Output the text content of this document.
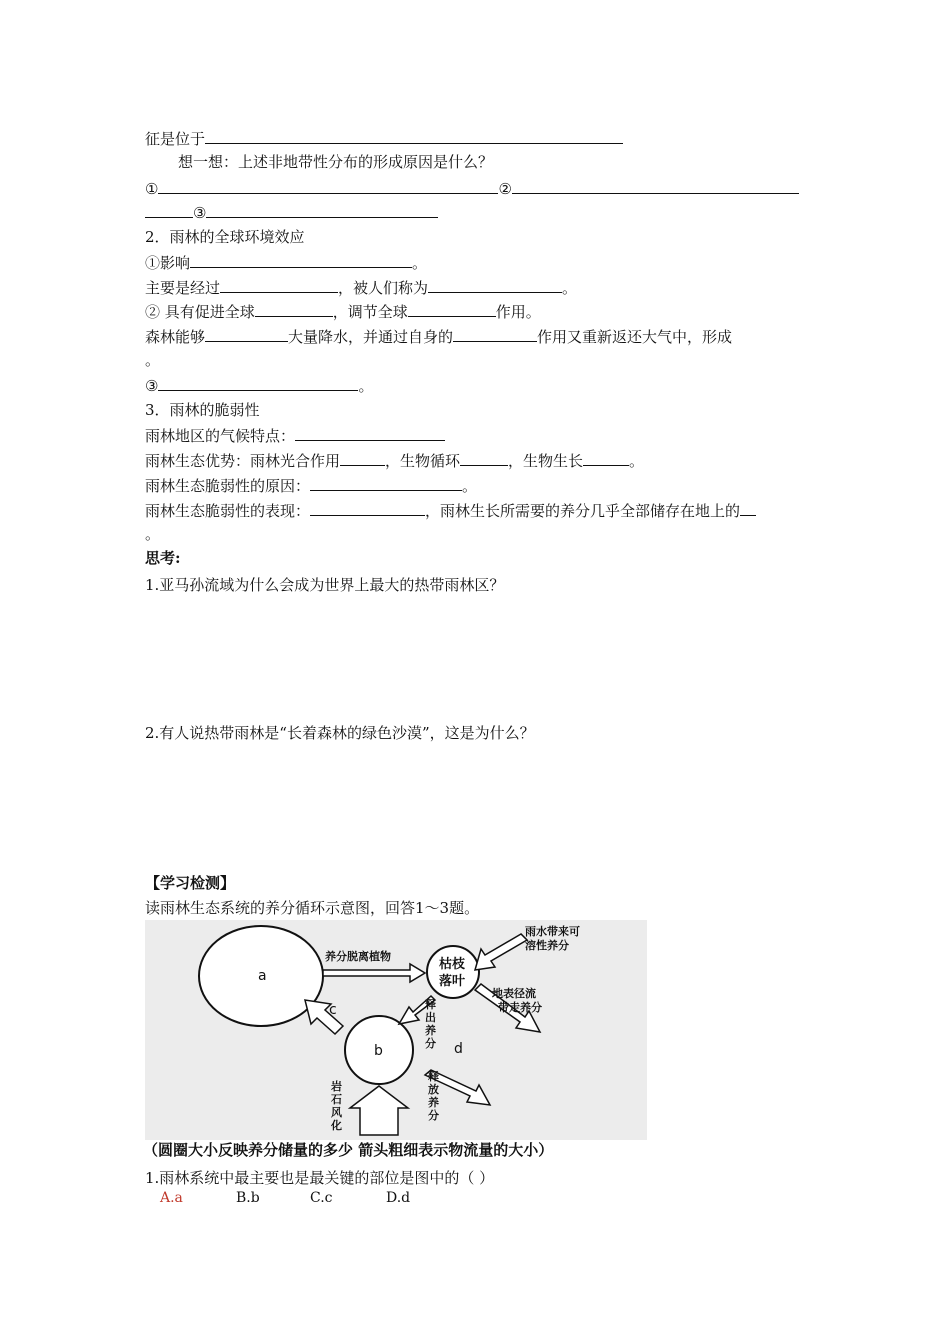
征是位于
想一想：上述非地带性分布的形成原因是什么？
①	②
③
2．雨林的全球环境效应
①影响	。
主要是经过	，被人们称为	。
② 具有促进全球	，调节全球	作用。
森林能够	大量降水，并通过自身的	作用又重新返还大气中，形成
。
③	。
3．雨林的脆弱性
雨林地区的气候特点：
雨林生态优势：雨林光合作用	，生物循环	，生物生长	。
雨林生态脆弱性的原因：	。
雨林生态脆弱性的表现：	，雨林生长所需要的养分几乎全部储存在地上的
。
思考:
1.亚马孙流域为什么会成为世界上最大的热带雨林区？
2.有人说热带雨林是“长着森林的绿色沙漠”，这是为什么？
【学习检测】
读雨林生态系统的养分循环示意图，回答1～3题。
a
b
枯枝
落叶
养分脱离植物
雨水带来可
溶性养分
地表径流
带走养分
释
出
养
分
c
d
释
放
养
分
岩
石
风
化
（圆圈大小反映养分储量的多少 箭头粗细表示物流量的大小）
1.雨林系统中最主要也是最关键的部位是图中的（ ）
A.a	B.b	C.c	D.d
